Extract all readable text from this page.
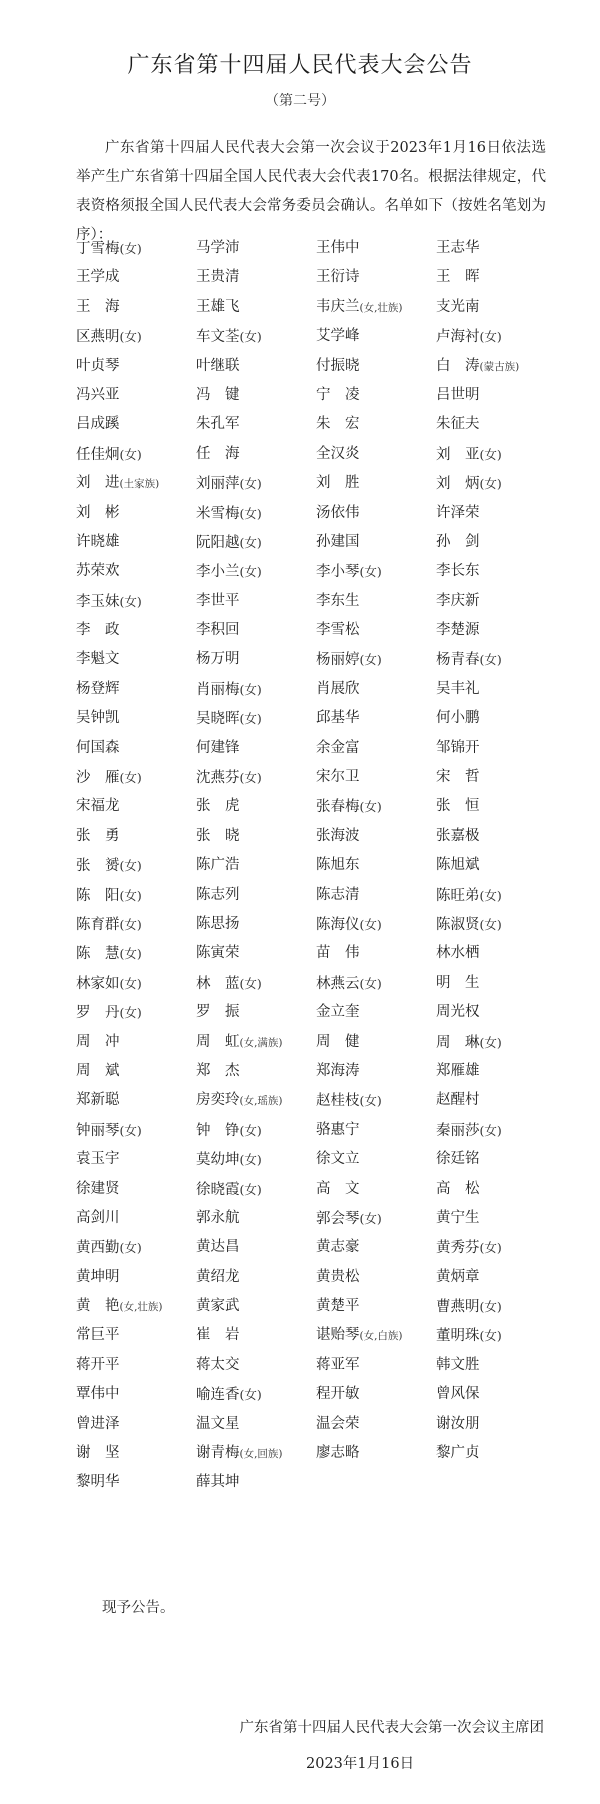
广东省第十四届人民代表大会公告
（第二号）
广东省第十四届人民代表大会第一次会议于2023年1月16日依法选举产生广东省第十四届全国人民代表大会代表170名。根据法律规定，代表资格须报全国人民代表大会常务委员会确认。名单如下（按姓名笔划为序）：
丁雪梅(女)	马学沛	王伟中	王志华
王学成	王贵清	王衍诗	王　晖
王　海	王雄飞	韦庆兰(女,壮族)	支光南
区燕明(女)	车文荃(女)	艾学峰	卢海衬(女)
叶贞琴	叶继联	付振晓	白　涛(蒙古族)
冯兴亚	冯　键	宁　凌	吕世明
吕成蹊	朱孔军	朱　宏	朱征夫
任佳炯(女)	任　海	全汉炎	刘　亚(女)
刘　进(土家族)	刘丽萍(女)	刘　胜	刘　炳(女)
刘　彬	米雪梅(女)	汤依伟	许泽荣
许晓雄	阮阳越(女)	孙建国	孙　剑
苏荣欢	李小兰(女)	李小琴(女)	李长东
李玉妹(女)	李世平	李东生	李庆新
李　政	李积回	李雪松	李楚源
李魁文	杨万明	杨丽婷(女)	杨青春(女)
杨登辉	肖丽梅(女)	肖展欣	吴丰礼
吴钟凯	吴晓晖(女)	邱基华	何小鹏
何国森	何建锋	余金富	邹锦开
沙　雁(女)	沈燕芬(女)	宋尔卫	宋　哲
宋福龙	张　虎	张春梅(女)	张　恒
张　勇	张　晓	张海波	张嘉极
张　赟(女)	陈广浩	陈旭东	陈旭斌
陈　阳(女)	陈志列	陈志清	陈旺弟(女)
陈育群(女)	陈思扬	陈海仪(女)	陈淑贤(女)
陈　慧(女)	陈寅荣	苗　伟	林水栖
林家如(女)	林　蓝(女)	林燕云(女)	明　生
罗　丹(女)	罗　振	金立奎	周光权
周　冲	周　虹(女,满族)	周　健	周　琳(女)
周　斌	郑　杰	郑海涛	郑雁雄
郑新聪	房奕玲(女,瑶族)	赵桂枝(女)	赵醒村
钟丽琴(女)	钟　铮(女)	骆惠宁	秦丽莎(女)
袁玉宇	莫幼坤(女)	徐文立	徐廷铭
徐建贤	徐晓霞(女)	高　文	高　松
高剑川	郭永航	郭会琴(女)	黄宁生
黄西勤(女)	黄达昌	黄志豪	黄秀芬(女)
黄坤明	黄绍龙	黄贵松	黄炳章
黄　艳(女,壮族)	黄家武	黄楚平	曹燕明(女)
常巨平	崔　岩	谌贻琴(女,白族)	董明珠(女)
蒋开平	蒋太交	蒋亚军	韩文胜
覃伟中	喻连香(女)	程开敏	曾风保
曾进泽	温文星	温会荣	谢汝朋
谢　坚	谢青梅(女,回族)	廖志略	黎广贞
黎明华	薛其坤
现予公告。
广东省第十四届人民代表大会第一次会议主席团
2023年1月16日
